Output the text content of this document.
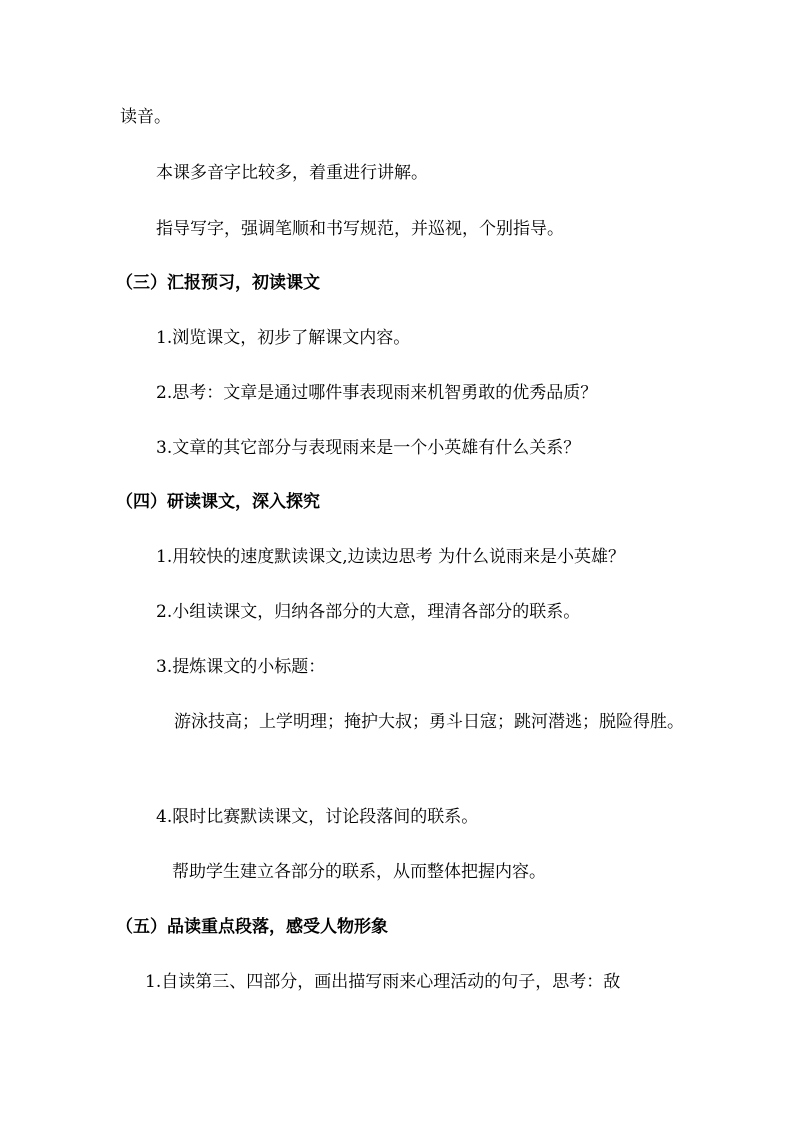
读音。
本课多音字比较多，着重进行讲解。
指导写字，强调笔顺和书写规范，并巡视，个别指导。
（三）汇报预习，初读课文
1.浏览课文，初步了解课文内容。
2.思考：文章是通过哪件事表现雨来机智勇敢的优秀品质？
3.文章的其它部分与表现雨来是一个小英雄有什么关系？
（四）研读课文，深入探究
1.用较快的速度默读课文,边读边思考 为什么说雨来是小英雄？
2.小组读课文，归纳各部分的大意，理清各部分的联系。
3.提炼课文的小标题：
游泳技高；上学明理；掩护大叔；勇斗日寇；跳河潜逃；脱险得胜。
4.限时比赛默读课文，讨论段落间的联系。
帮助学生建立各部分的联系，从而整体把握内容。
（五）品读重点段落，感受人物形象
1.自读第三、四部分，画出描写雨来心理活动的句子，思考：敌
